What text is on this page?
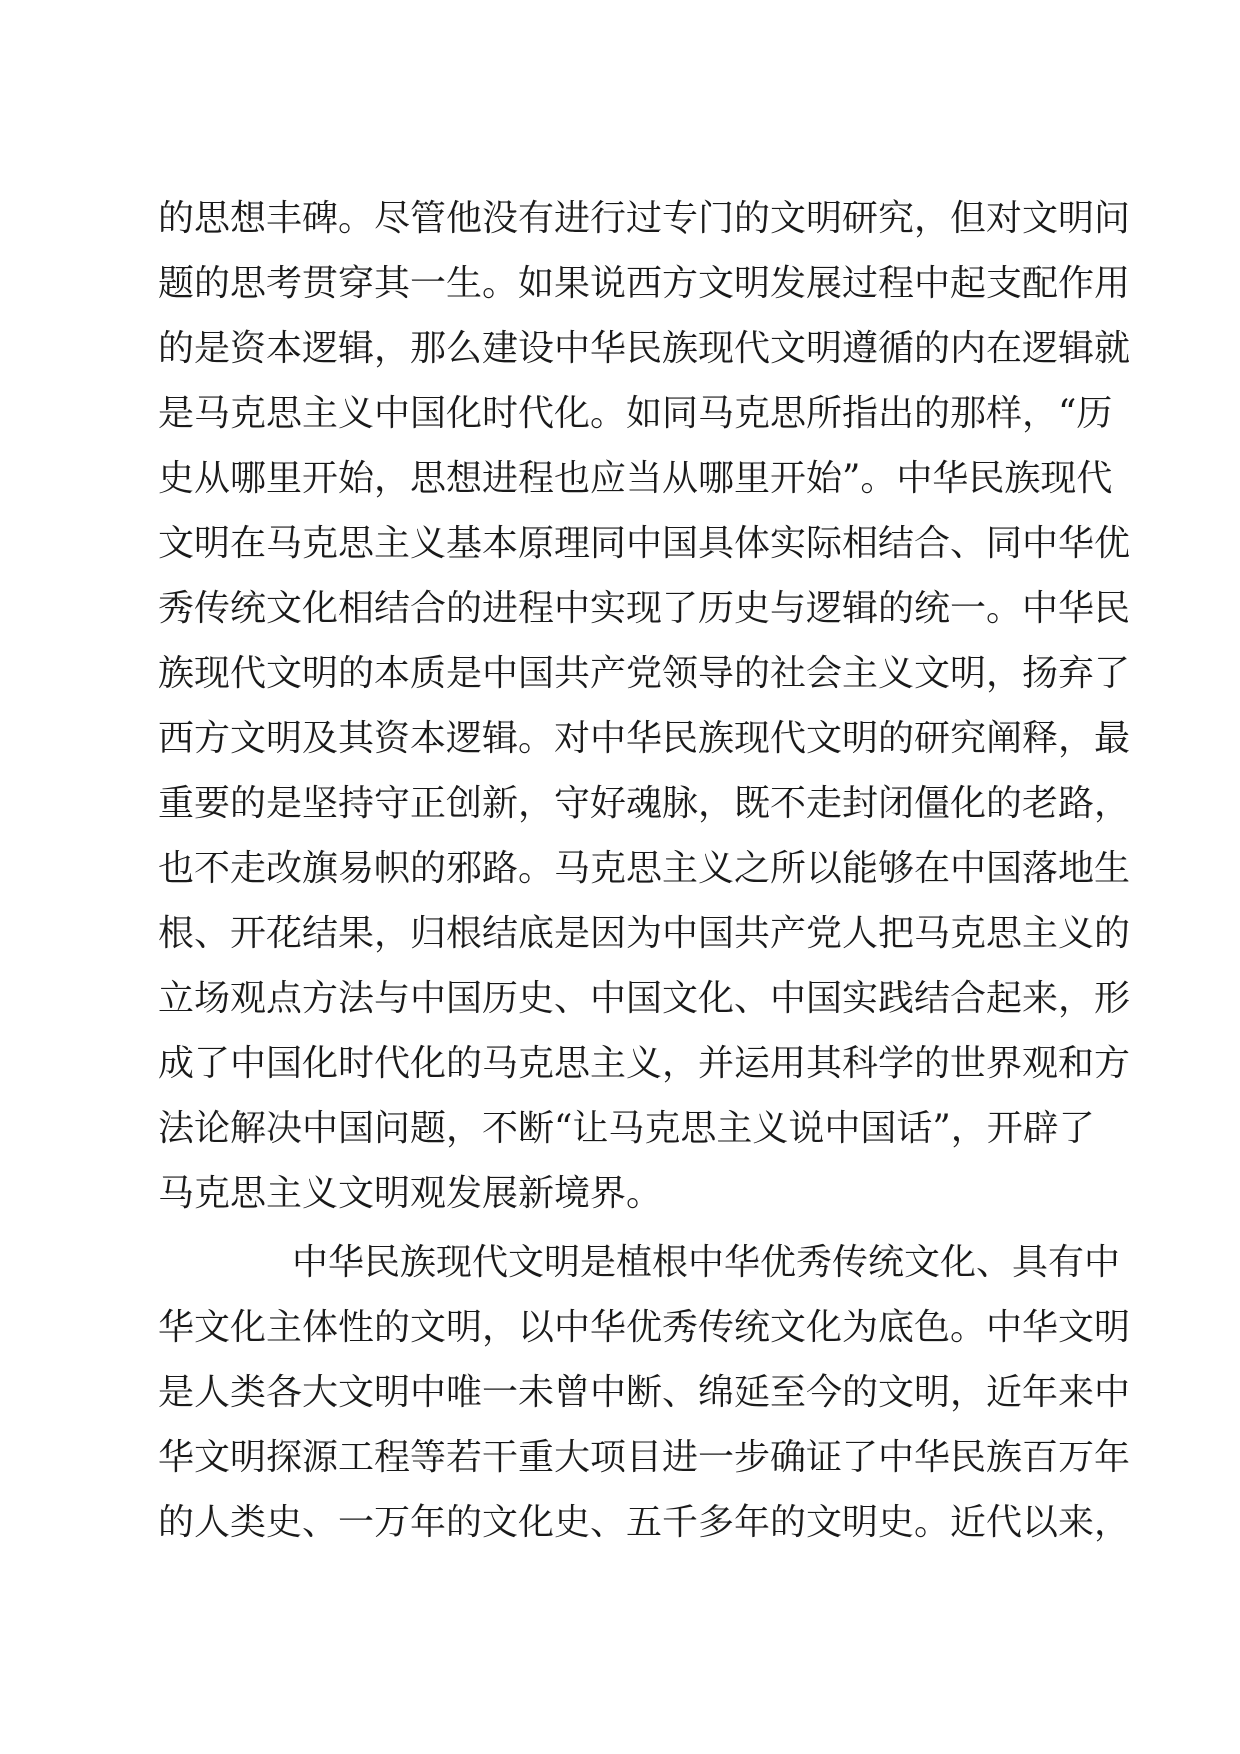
的思想丰碑。尽管他没有进行过专门的文明研究，但对文明问
题的思考贯穿其一生。如果说西方文明发展过程中起支配作用
的是资本逻辑，那么建设中华民族现代文明遵循的内在逻辑就
是马克思主义中国化时代化。如同马克思所指出的那样，“历
史从哪里开始，思想进程也应当从哪里开始”。中华民族现代
文明在马克思主义基本原理同中国具体实际相结合、同中华优
秀传统文化相结合的进程中实现了历史与逻辑的统一。中华民
族现代文明的本质是中国共产党领导的社会主义文明，扬弃了
西方文明及其资本逻辑。对中华民族现代文明的研究阐释，最
重要的是坚持守正创新，守好魂脉，既不走封闭僵化的老路，
也不走改旗易帜的邪路。马克思主义之所以能够在中国落地生
根、开花结果，归根结底是因为中国共产党人把马克思主义的
立场观点方法与中国历史、中国文化、中国实践结合起来，形
成了中国化时代化的马克思主义，并运用其科学的世界观和方
法论解决中国问题，不断“让马克思主义说中国话”，开辟了
马克思主义文明观发展新境界。
中华民族现代文明是植根中华优秀传统文化、具有中
华文化主体性的文明，以中华优秀传统文化为底色。中华文明
是人类各大文明中唯一未曾中断、绵延至今的文明，近年来中
华文明探源工程等若干重大项目进一步确证了中华民族百万年
的人类史、一万年的文化史、五千多年的文明史。近代以来，
